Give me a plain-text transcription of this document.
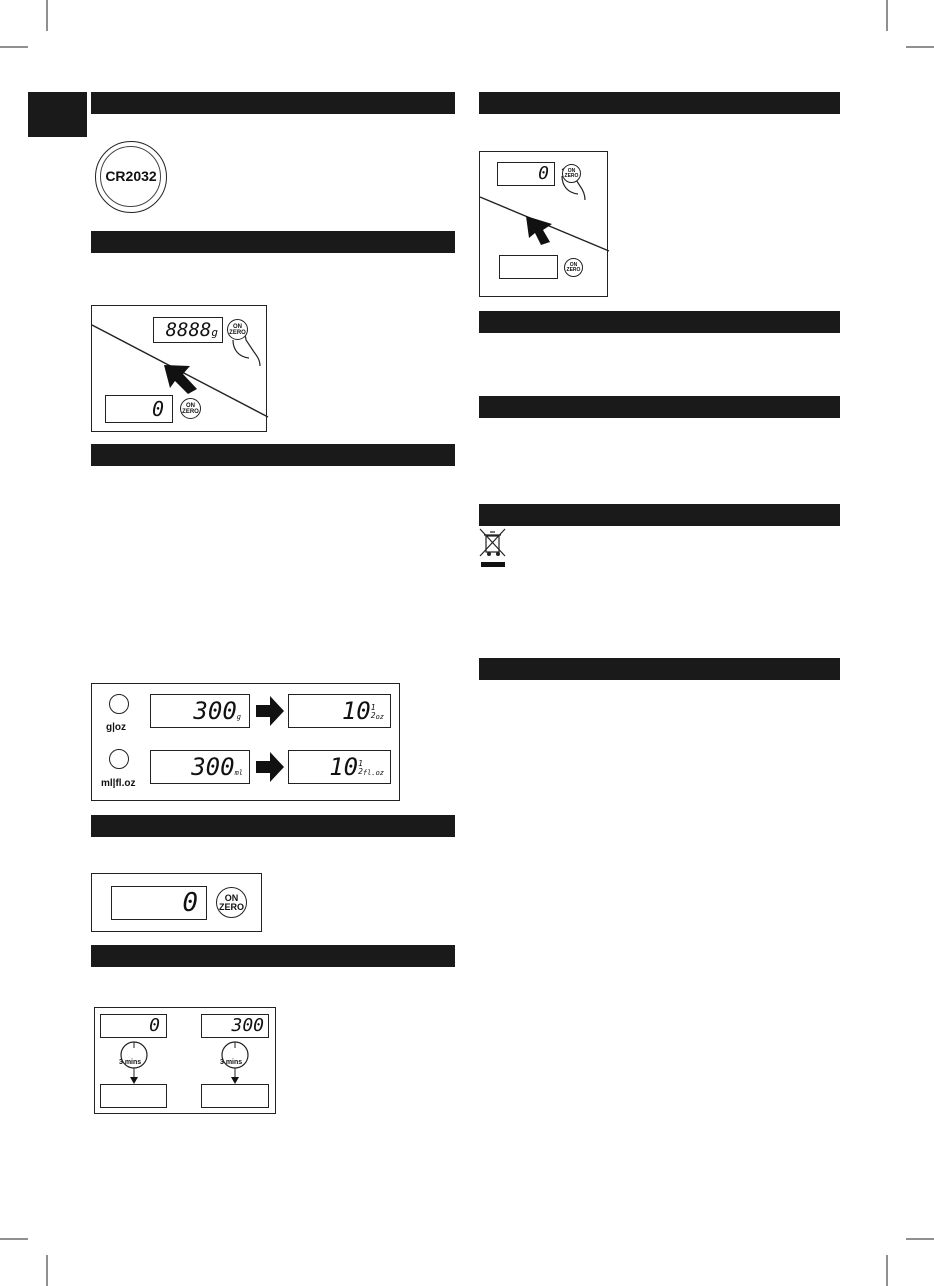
CR2032
8888g	ON
ZERO
0	ON
ZERO
g|oz
ml|fl.oz
300g	10 1
2 oz
300ml	10 1
2 fl.oz
0	ON
ZERO
0	300
3 mins	3 mins
0	ON
ZERO
ON
ZERO
